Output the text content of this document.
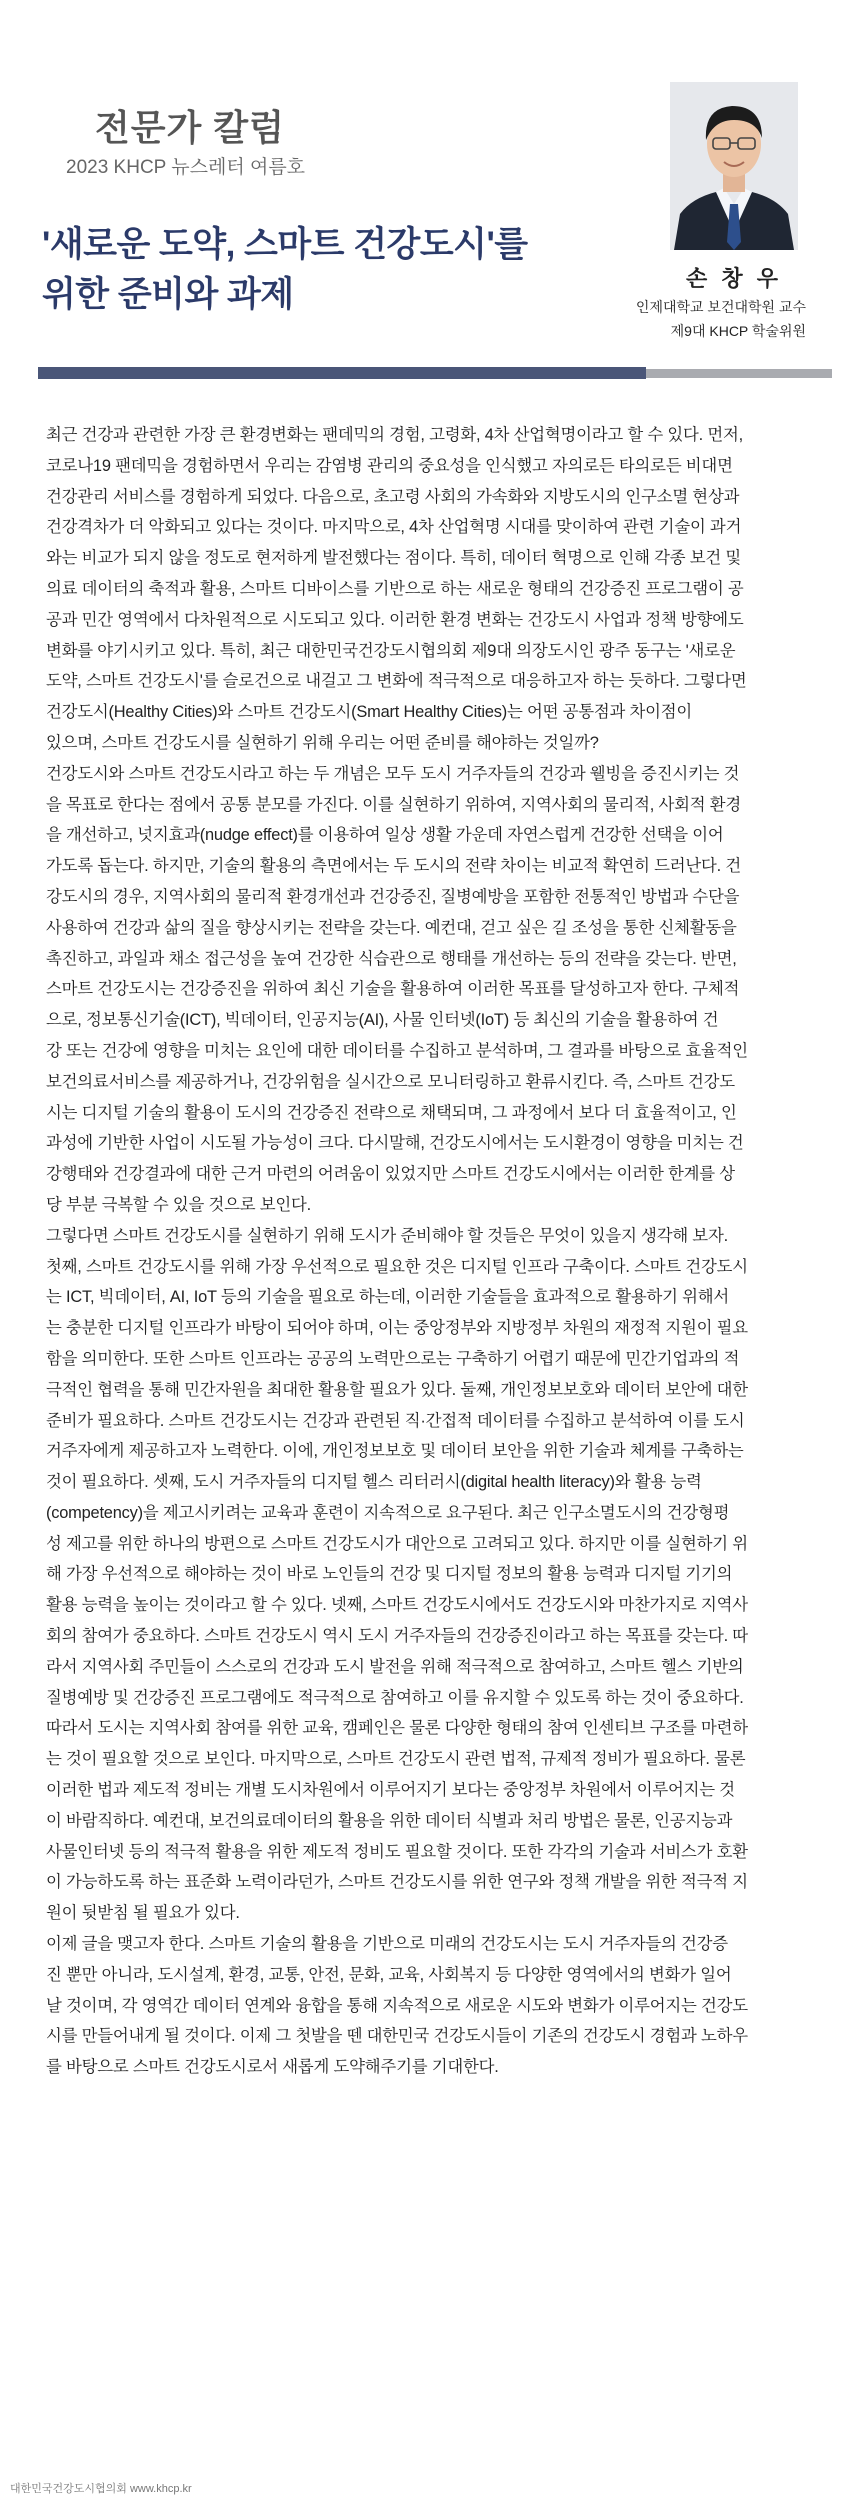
전문가 칼럼
2023 KHCP 뉴스레터 여름호
'새로운 도약, 스마트 건강도시'를
위한 준비와 과제	손 창 우
인제대학교 보건대학원 교수
제9대 KHCP 학술위원
최근 건강과 관련한 가장 큰 환경변화는 팬데믹의 경험, 고령화, 4차 산업혁명이라고 할 수 있다. 먼저,
코로나19 팬데믹을 경험하면서 우리는 감염병 관리의 중요성을 인식했고 자의로든 타의로든 비대면
건강관리 서비스를 경험하게 되었다. 다음으로, 초고령 사회의 가속화와 지방도시의 인구소멸 현상과
건강격차가 더 악화되고 있다는 것이다. 마지막으로, 4차 산업혁명 시대를 맞이하여 관련 기술이 과거
와는 비교가 되지 않을 정도로 현저하게 발전했다는 점이다. 특히, 데이터 혁명으로 인해 각종 보건 및
의료 데이터의 축적과 활용, 스마트 디바이스를 기반으로 하는 새로운 형태의 건강증진 프로그램이 공
공과 민간 영역에서 다차원적으로 시도되고 있다. 이러한 환경 변화는 건강도시 사업과 정책 방향에도
변화를 야기시키고 있다. 특히, 최근 대한민국건강도시협의회 제9대 의장도시인 광주 동구는 '새로운
도약, 스마트 건강도시'를 슬로건으로 내걸고 그 변화에 적극적으로 대응하고자 하는 듯하다. 그렇다면
건강도시(Healthy Cities)와 스마트 건강도시(Smart Healthy Cities)는 어떤 공통점과 차이점이
있으며, 스마트 건강도시를 실현하기 위해 우리는 어떤 준비를 해야하는 것일까?
건강도시와 스마트 건강도시라고 하는 두 개념은 모두 도시 거주자들의 건강과 웰빙을 증진시키는 것
을 목표로 한다는 점에서 공통 분모를 가진다. 이를 실현하기 위하여, 지역사회의 물리적, 사회적 환경
을 개선하고, 넛지효과(nudge effect)를 이용하여 일상 생활 가운데 자연스럽게 건강한 선택을 이어
가도록 돕는다. 하지만, 기술의 활용의 측면에서는 두 도시의 전략 차이는 비교적 확연히 드러난다. 건
강도시의 경우, 지역사회의 물리적 환경개선과 건강증진, 질병예방을 포함한 전통적인 방법과 수단을
사용하여 건강과 삶의 질을 향상시키는 전략을 갖는다. 예컨대, 걷고 싶은 길 조성을 통한 신체활동을
촉진하고, 과일과 채소 접근성을 높여 건강한 식습관으로 행태를 개선하는 등의 전략을 갖는다. 반면,
스마트 건강도시는 건강증진을 위하여 최신 기술을 활용하여 이러한 목표를 달성하고자 한다. 구체적
으로, 정보통신기술(ICT), 빅데이터, 인공지능(AI), 사물 인터넷(IoT) 등 최신의 기술을 활용하여 건
강 또는 건강에 영향을 미치는 요인에 대한 데이터를 수집하고 분석하며, 그 결과를 바탕으로 효율적인
보건의료서비스를 제공하거나, 건강위험을 실시간으로 모니터링하고 환류시킨다. 즉, 스마트 건강도
시는 디지털 기술의 활용이 도시의 건강증진 전략으로 채택되며, 그 과정에서 보다 더 효율적이고, 인
과성에 기반한 사업이 시도될 가능성이 크다. 다시말해, 건강도시에서는 도시환경이 영향을 미치는 건
강행태와 건강결과에 대한 근거 마련의 어려움이 있었지만 스마트 건강도시에서는 이러한 한계를 상
당 부분 극복할 수 있을 것으로 보인다.
그렇다면 스마트 건강도시를 실현하기 위해 도시가 준비해야 할 것들은 무엇이 있을지 생각해 보자.
첫째, 스마트 건강도시를 위해 가장 우선적으로 필요한 것은 디지털 인프라 구축이다. 스마트 건강도시
는 ICT, 빅데이터, AI, IoT 등의 기술을 필요로 하는데, 이러한 기술들을 효과적으로 활용하기 위해서
는 충분한 디지털 인프라가 바탕이 되어야 하며, 이는 중앙정부와 지방정부 차원의 재정적 지원이 필요
함을 의미한다. 또한 스마트 인프라는 공공의 노력만으로는 구축하기 어렵기 때문에 민간기업과의 적
극적인 협력을 통해 민간자원을 최대한 활용할 필요가 있다. 둘째, 개인정보보호와 데이터 보안에 대한
준비가 필요하다. 스마트 건강도시는 건강과 관련된 직·간접적 데이터를 수집하고 분석하여 이를 도시
거주자에게 제공하고자 노력한다. 이에, 개인정보보호 및 데이터 보안을 위한 기술과 체계를 구축하는
것이 필요하다. 셋째, 도시 거주자들의 디지털 헬스 리터러시(digital health literacy)와 활용 능력
(competency)을 제고시키려는 교육과 훈련이 지속적으로 요구된다. 최근 인구소멸도시의 건강형평
성 제고를 위한 하나의 방편으로 스마트 건강도시가 대안으로 고려되고 있다. 하지만 이를 실현하기 위
해 가장 우선적으로 해야하는 것이 바로 노인들의 건강 및 디지털 정보의 활용 능력과 디지털 기기의
활용 능력을 높이는 것이라고 할 수 있다. 넷째, 스마트 건강도시에서도 건강도시와 마찬가지로 지역사
회의 참여가 중요하다. 스마트 건강도시 역시 도시 거주자들의 건강증진이라고 하는 목표를 갖는다. 따
라서 지역사회 주민들이 스스로의 건강과 도시 발전을 위해 적극적으로 참여하고, 스마트 헬스 기반의
질병예방 및 건강증진 프로그램에도 적극적으로 참여하고 이를 유지할 수 있도록 하는 것이 중요하다.
따라서 도시는 지역사회 참여를 위한 교육, 캠페인은 물론 다양한 형태의 참여 인센티브 구조를 마련하
는 것이 필요할 것으로 보인다. 마지막으로, 스마트 건강도시 관련 법적, 규제적 정비가 필요하다. 물론
이러한 법과 제도적 정비는 개별 도시차원에서 이루어지기 보다는 중앙정부 차원에서 이루어지는 것
이 바람직하다. 예컨대, 보건의료데이터의 활용을 위한 데이터 식별과 처리 방법은 물론, 인공지능과
사물인터넷 등의 적극적 활용을 위한 제도적 정비도 필요할 것이다. 또한 각각의 기술과 서비스가 호환
이 가능하도록 하는 표준화 노력이라던가, 스마트 건강도시를 위한 연구와 정책 개발을 위한 적극적 지
원이 뒷받침 될 필요가 있다.
이제 글을 맺고자 한다. 스마트 기술의 활용을 기반으로 미래의 건강도시는 도시 거주자들의 건강증
진 뿐만 아니라, 도시설계, 환경, 교통, 안전, 문화, 교육, 사회복지 등 다양한 영역에서의 변화가 일어
날 것이며, 각 영역간 데이터 연계와 융합을 통해 지속적으로 새로운 시도와 변화가 이루어지는 건강도
시를 만들어내게 될 것이다. 이제 그 첫발을 뗀 대한민국 건강도시들이 기존의 건강도시 경험과 노하우
를 바탕으로 스마트 건강도시로서 새롭게 도약해주기를 기대한다.
대한민국건강도시협의회 www.khcp.kr
